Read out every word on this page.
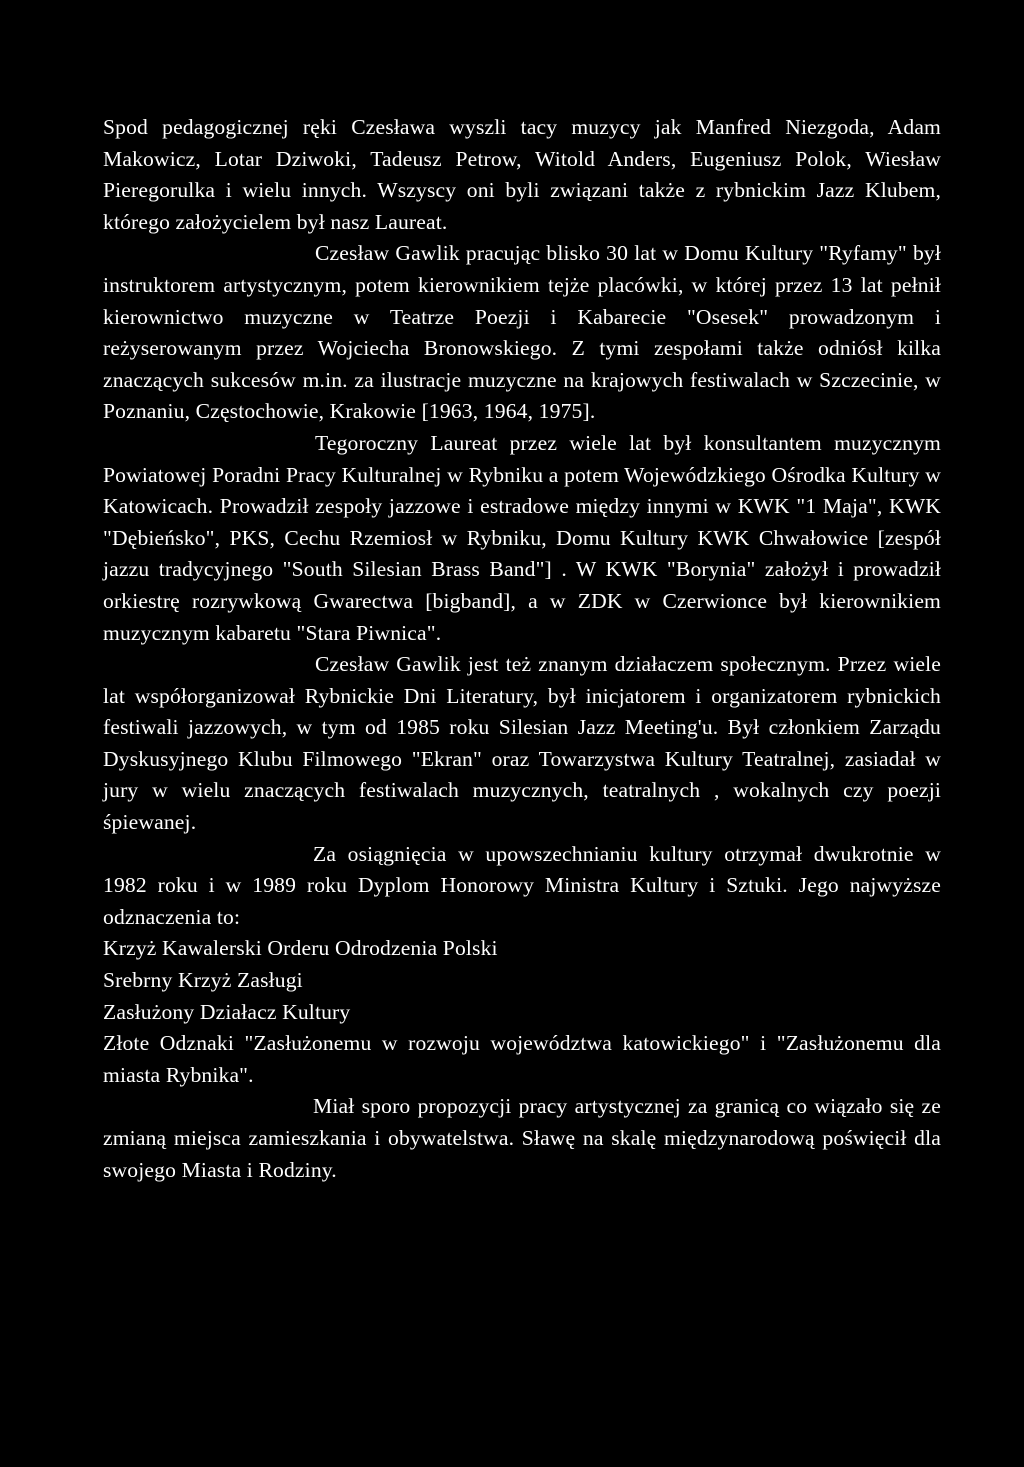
Spod pedagogicznej ręki Czesława wyszli tacy muzycy jak Manfred Niezgoda, Adam Makowicz, Lotar Dziwoki, Tadeusz Petrow, Witold Anders, Eugeniusz Polok, Wiesław Pieregorulka i wielu innych. Wszyscy oni byli związani także z rybnickim Jazz Klubem, którego założycielem był nasz Laureat.

Czesław Gawlik pracując blisko 30 lat w Domu Kultury "Ryfamy" był instruktorem artystycznym, potem kierownikiem tejże placówki, w której przez 13 lat pełnił kierownictwo muzyczne w Teatrze Poezji i Kabarecie "Osesek" prowadzonym i reżyserowanym przez Wojciecha Bronowskiego. Z tymi zespołami także odniósł kilka znaczących sukcesów m.in. za ilustracje muzyczne na krajowych festiwalach w Szczecinie, w Poznaniu, Częstochowie, Krakowie [1963, 1964, 1975].

Tegoroczny Laureat przez wiele lat był konsultantem muzycznym Powiatowej Poradni Pracy Kulturalnej w Rybniku a potem Wojewódzkiego Ośrodka Kultury w Katowicach. Prowadził zespoły jazzowe i estradowe między innymi w KWK "1 Maja", KWK "Dębieńsko", PKS, Cechu Rzemiosł w Rybniku, Domu Kultury KWK Chwałowice [zespół jazzu tradycyjnego "South Silesian Brass Band"] . W KWK "Borynia" założył i prowadził orkiestrę rozrywkową Gwarectwa [bigband], a w ZDK w Czerwionce był kierownikiem muzycznym kabaretu "Stara Piwnica".

Czesław Gawlik jest też znanym działaczem społecznym. Przez wiele lat współorganizował Rybnickie Dni Literatury, był inicjatorem i organizatorem rybnickich festiwali jazzowych, w tym od 1985 roku Silesian Jazz Meeting'u. Był członkiem Zarządu Dyskusyjnego Klubu Filmowego "Ekran" oraz Towarzystwa Kultury Teatralnej, zasiadał w jury w wielu znaczących festiwalach muzycznych, teatralnych , wokalnych czy poezji śpiewanej.

Za osiągnięcia w upowszechnianiu kultury otrzymał dwukrotnie w 1982 roku i w 1989 roku Dyplom Honorowy Ministra Kultury i Sztuki. Jego najwyższe odznaczenia to:

Krzyż Kawalerski Orderu Odrodzenia Polski
Srebrny Krzyż Zasługi
Zasłużony Działacz Kultury
Złote Odznaki "Zasłużonemu w rozwoju województwa katowickiego" i "Zasłużonemu dla miasta Rybnika".

Miał sporo propozycji pracy artystycznej za granicą co wiązało się ze zmianą miejsca zamieszkania i obywatelstwa. Sławę na skalę międzynarodową poświęcił dla swojego Miasta i Rodziny.
